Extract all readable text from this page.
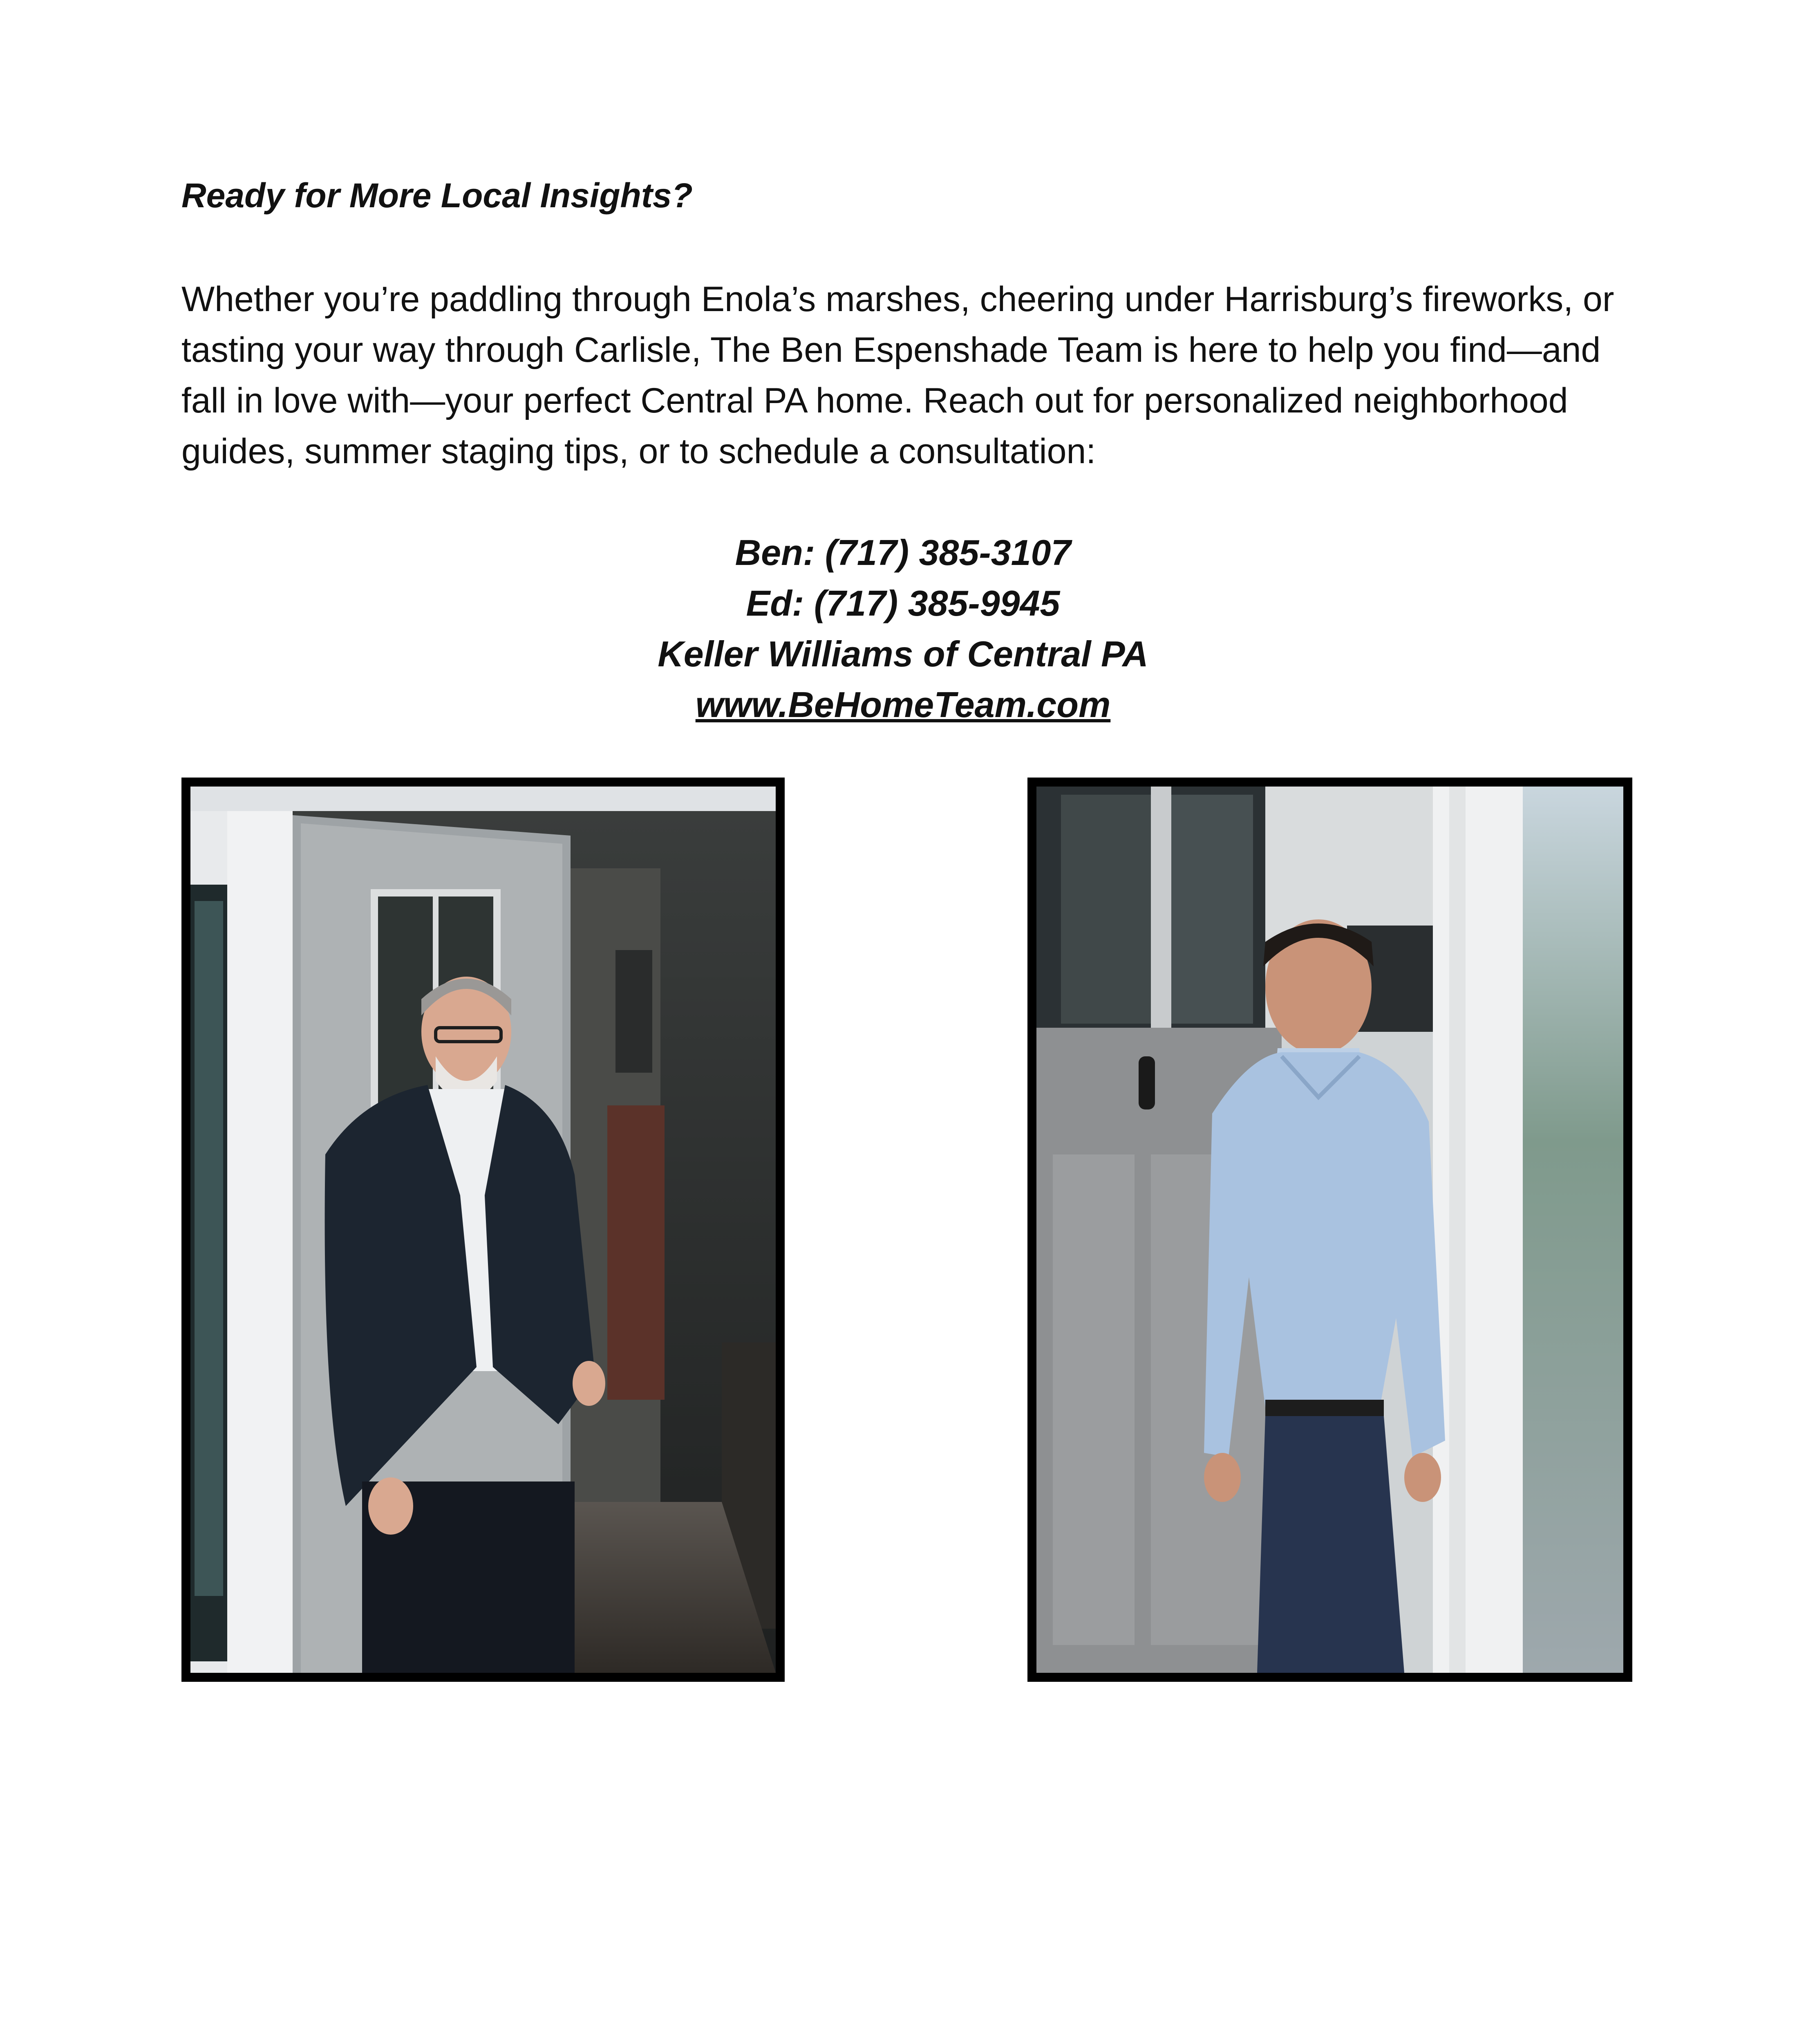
Ready for More Local Insights?

Whether you’re paddling through Enola’s marshes, cheering under Harrisburg’s fireworks, or tasting your way through Carlisle, The Ben Espenshade Team is here to help you find—and fall in love with—your perfect Central PA home. Reach out for personalized neighborhood guides, summer staging tips, or to schedule a consultation:

Ben: (717) 385-3107
Ed: (717) 385-9945
Keller Williams of Central PA
www.BeHomeTeam.com
